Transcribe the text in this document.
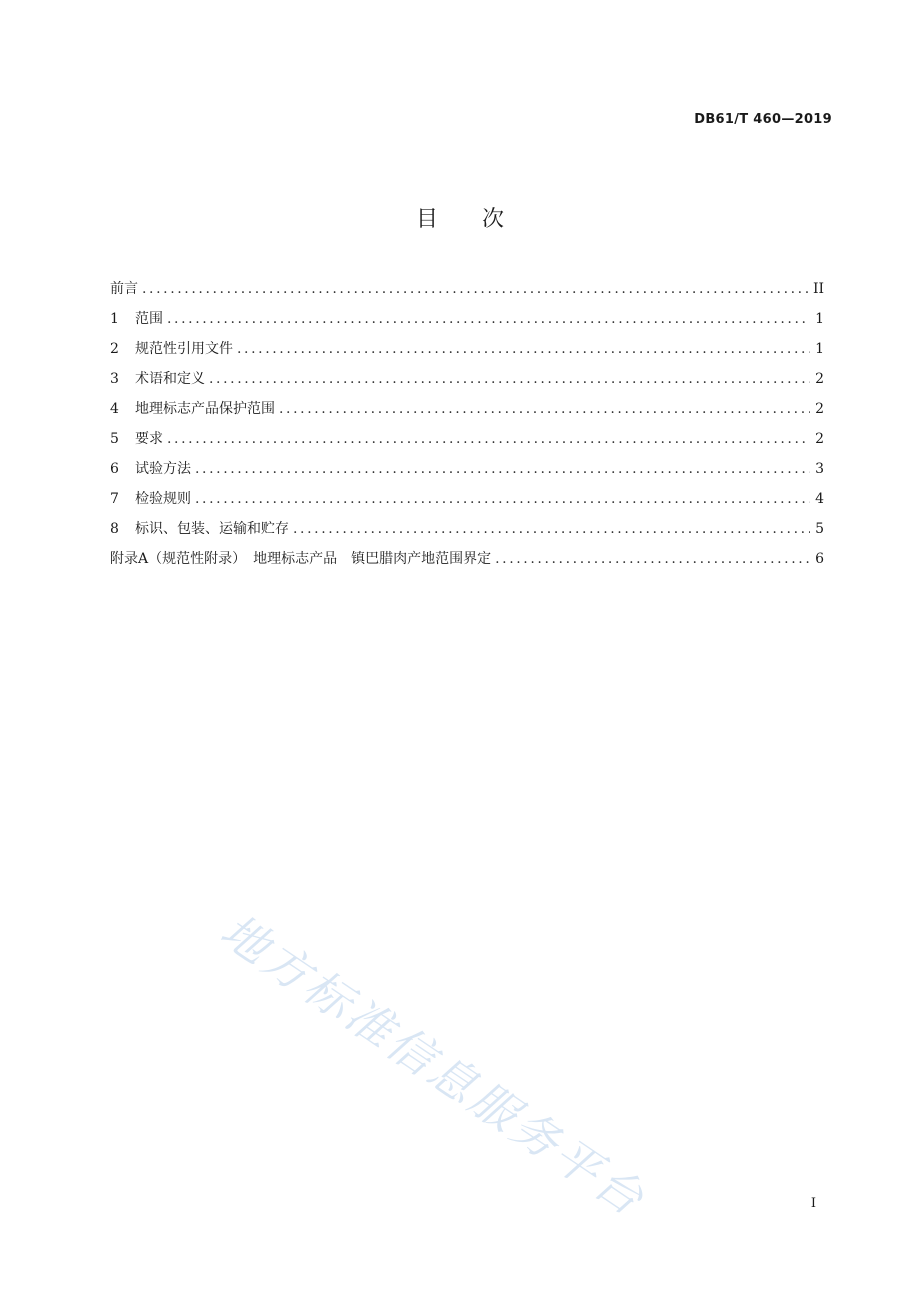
DB61/T 460—2019
目次
前言 .....	II
1	范围 .....	1
2	规范性引用文件 .....	1
3	术语和定义 .....	2
4	地理标志产品保护范围 .....	2
5	要求 .....	2
6	试验方法 .....	3
7	检验规则 .....	4
8	标识、包装、运输和贮存 .....	5
附录A（规范性附录）　地理标志产品　镇巴腊肉产地范围界定 .....	6
地方标准信息服务平台	I
